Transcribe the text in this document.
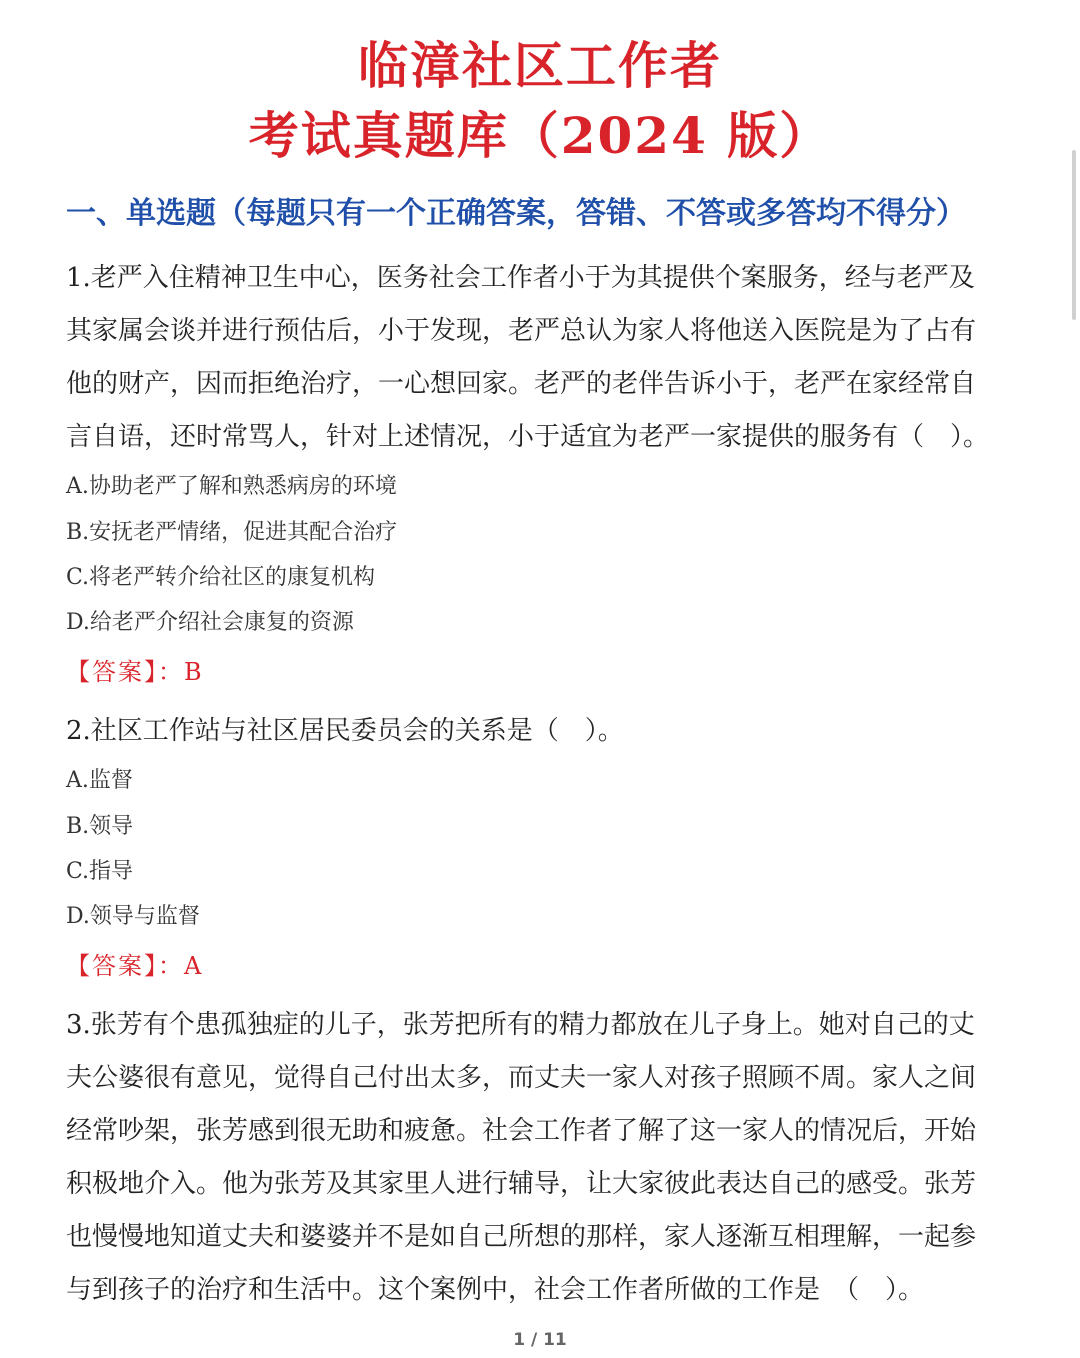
临漳社区工作者
考试真题库（2024 版）
一、单选题（每题只有一个正确答案，答错、不答或多答均不得分）
1.老严入住精神卫生中心，医务社会工作者小于为其提供个案服务，经与老严及
其家属会谈并进行预估后，小于发现，老严总认为家人将他送入医院是为了占有
他的财产，因而拒绝治疗，一心想回家。老严的老伴告诉小于，老严在家经常自
言自语，还时常骂人，针对上述情况，小于适宜为老严一家提供的服务有（　）。
A.协助老严了解和熟悉病房的环境
B.安抚老严情绪，促进其配合治疗
C.将老严转介给社区的康复机构
D.给老严介绍社会康复的资源
【答案】：B
2.社区工作站与社区居民委员会的关系是（　）。
A.监督
B.领导
C.指导
D.领导与监督
【答案】：A
3.张芳有个患孤独症的儿子，张芳把所有的精力都放在儿子身上。她对自己的丈
夫公婆很有意见，觉得自己付出太多，而丈夫一家人对孩子照顾不周。家人之间
经常吵架，张芳感到很无助和疲惫。社会工作者了解了这一家人的情况后，开始
积极地介入。他为张芳及其家里人进行辅导，让大家彼此表达自己的感受。张芳
也慢慢地知道丈夫和婆婆并不是如自己所想的那样，家人逐渐互相理解，一起参
与到孩子的治疗和生活中。这个案例中，社会工作者所做的工作是　（　）。
1 / 11
